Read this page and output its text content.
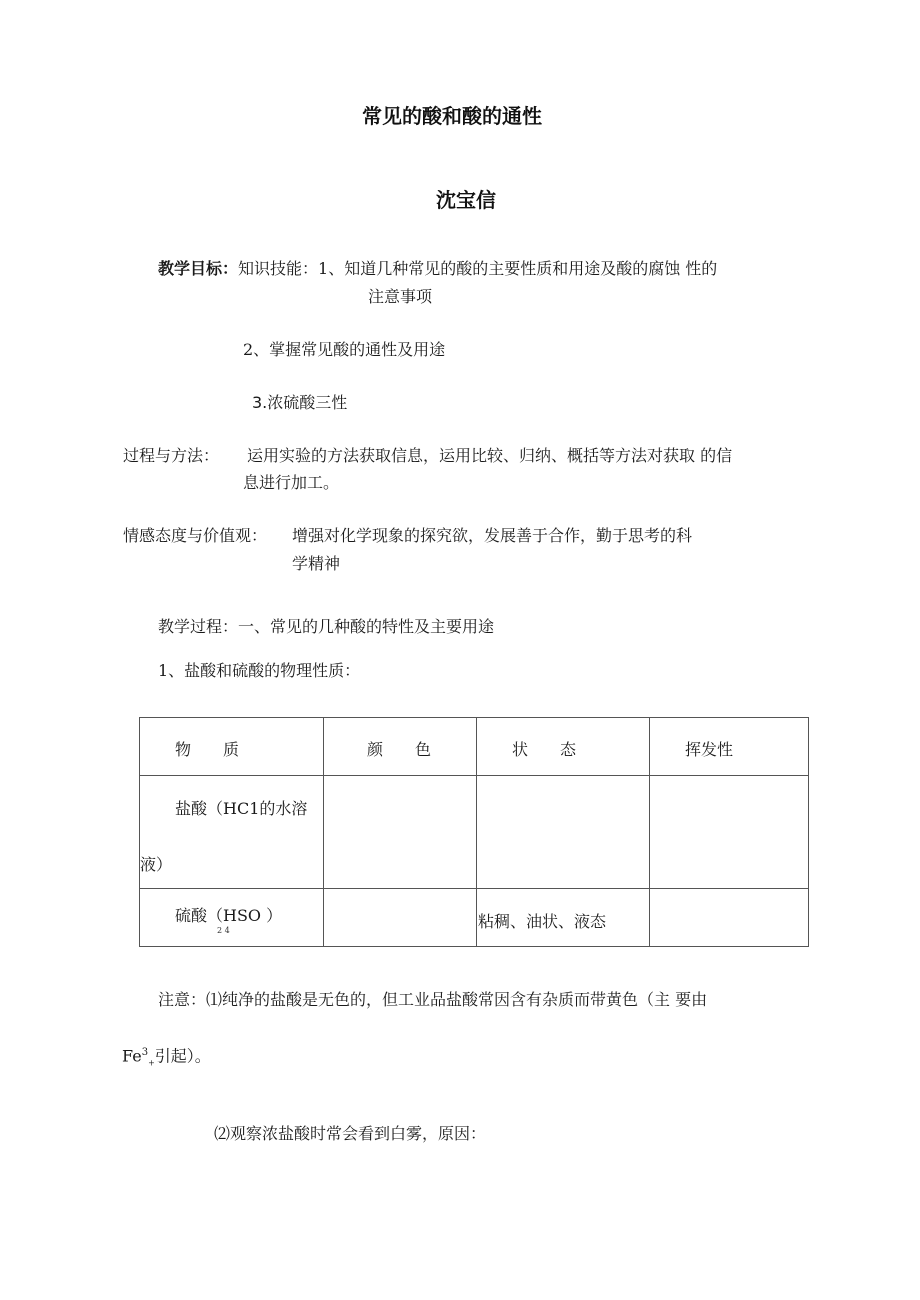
常见的酸和酸的通性
沈宝信
教学目标：知识技能：1、知道几种常见的酸的主要性质和用途及酸的腐蚀 性的
注意事项
2、掌握常见酸的通性及用途
3.浓硫酸三性
过程与方法： 运用实验的方法获取信息，运用比较、归纳、概括等方法对获取 的信
息进行加工。
情感态度与价值观： 增强对化学现象的探究欲，发展善于合作，勤于思考的科
学精神
教学过程：一、常见的几种酸的特性及主要用途
1、盐酸和硫酸的物理性质：
物　　质	颜　　色	状　　态	挥发性

盐酸（HC1的水溶
液）			

硫酸（HSO ）
2 4		粘稠、油状、液态	

注意：⑴纯净的盐酸是无色的，但工业品盐酸常因含有杂质而带黄色（主 要由
$Fe^3_+$引起）。
⑵观察浓盐酸时常会看到白雾，原因：
